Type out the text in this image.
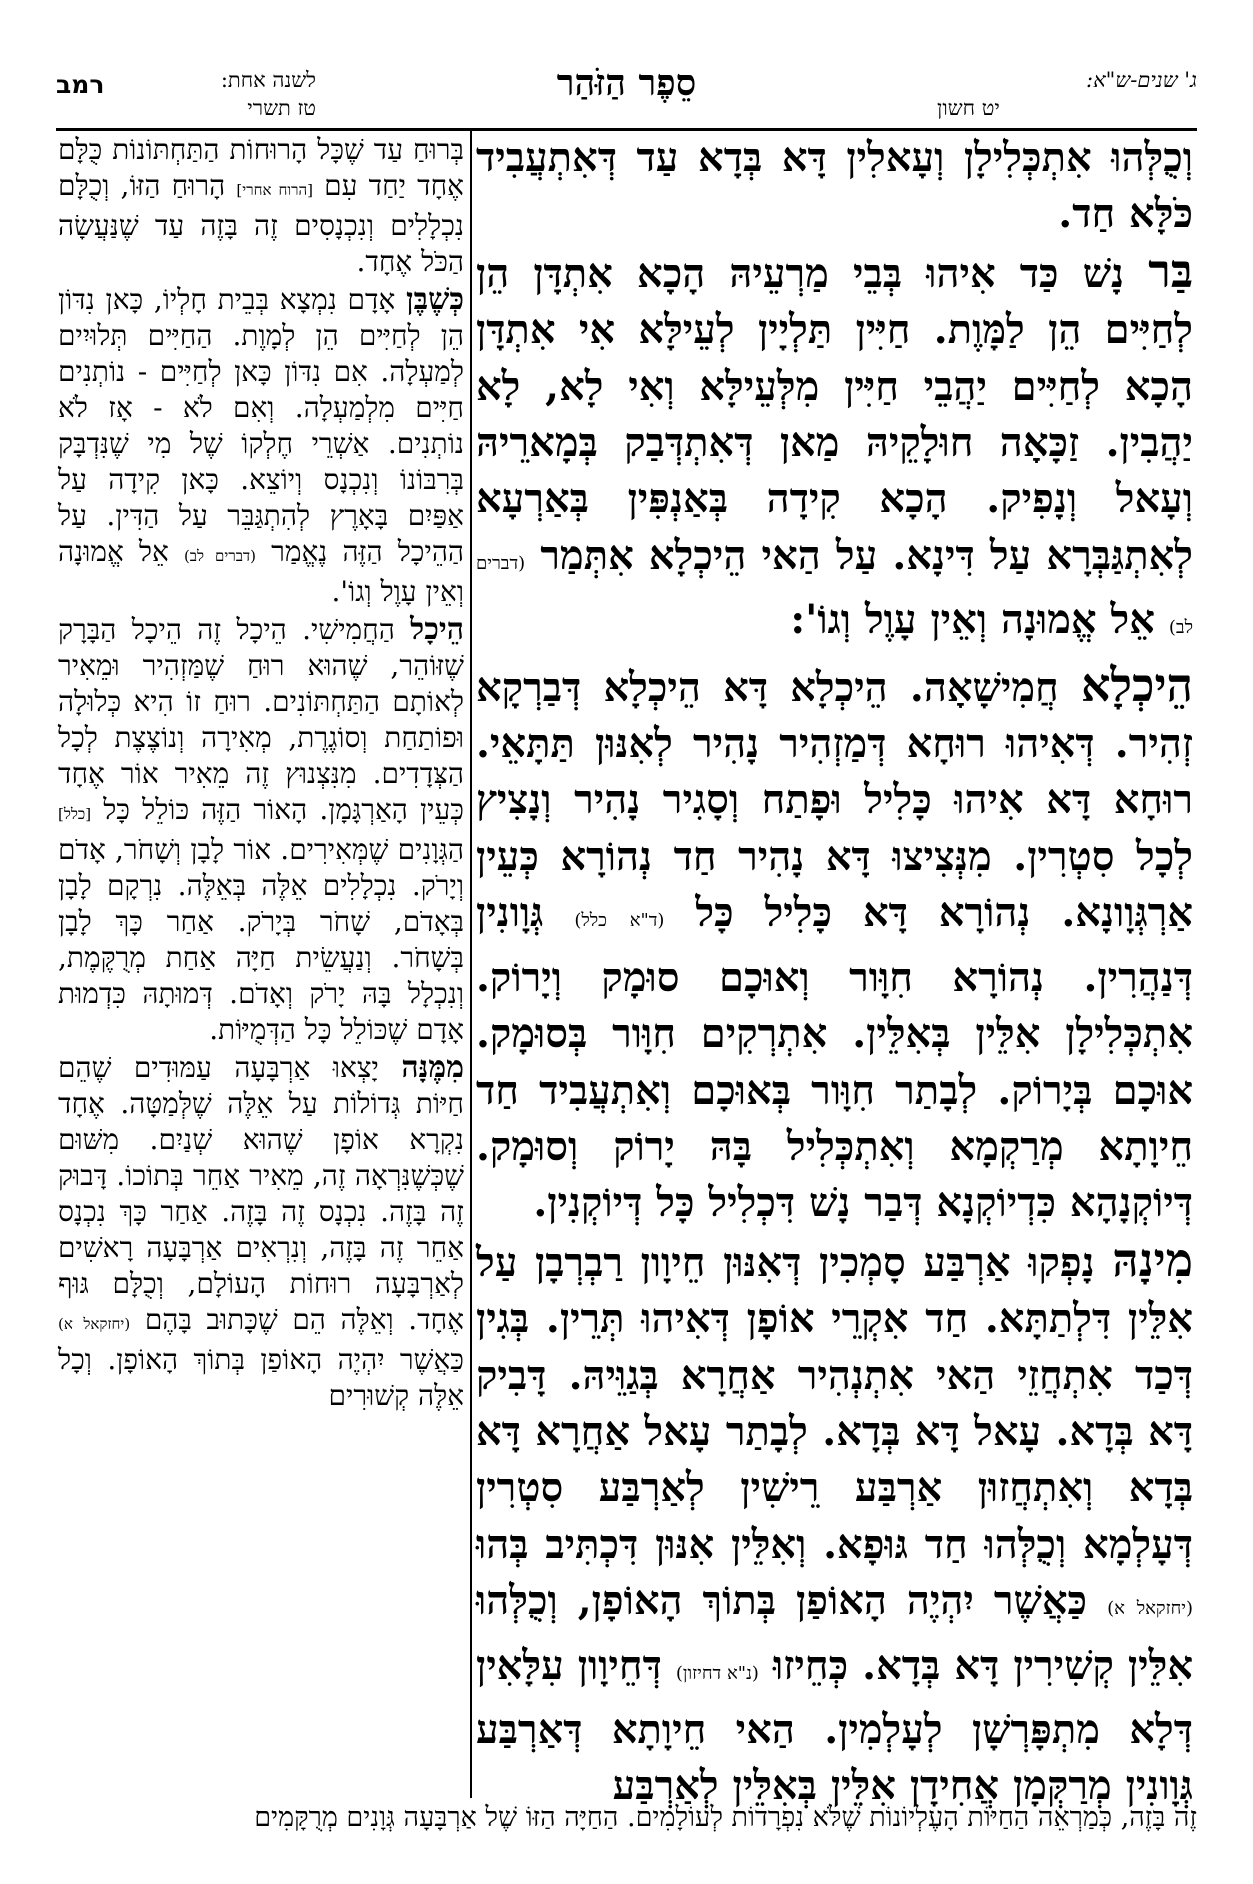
רמב	לשנה אחת:
טז תשרי
סֵפֶר הַזֹּהַר	ג' שנים-ש"א:
יט חשון

וְכֻלְּהוּ אִתְכְּלִילָן וְעָאלִין דָּא בְּדָא עַד דְּאִתְעֲבִיד כֹּלָּא חַד.

בַּר נָשׁ כַּד אִיהוּ בְּבֵי מַרְעֵיהּ הָכָא אִתְדָּן הֵן לְחַיִּים הֵן לַמָּוֶת. חַיִּין תַּלְיָין לְעֵילָּא אִי אִתְדָּן הָכָא לְחַיִּים יַהֲבֵי חַיִּין מִלְּעֵילָּא וְאִי לָא, לָא יַהֲבִין. זַכָּאָה חוּלָקֵיהּ מַאן דְּאִתְדְּבַק בְּמָארֵיהּ וְעָאל וְנָפִיק. הָכָא קִידָה בְּאַנְפִּין בְּאַרְעָא לְאִתְגַּבְּרָא עַל דִּינָא. עַל הַאי הֵיכְלָא אִתְּמַר (דברים לב) אֵל אֱמוּנָה וְאֵין עָוֶל וְגוֹ':

הֵיכְלָא חֲמִישָׁאָה. הֵיכְלָא דָּא הֵיכְלָא דְּבַרְקָא זְהִיר. דְּאִיהוּ רוּחָא דְּמַזְהִיר נָהִיר לְאִנּוּן תַּתָּאֵי. רוּחָא דָּא אִיהוּ כָּלִיל וּפָתַח וְסָגִיר נָהִיר וְנָצִיץ לְכָל סִטְרִין. מִנְּצִיצוּ דָּא נָהִיר חַד נְהוֹרָא כְּעֵין אַרְגְּוָונָא. נְהוֹרָא דָּא כָּלִיל כָּל (ד"א כלל) גְּוָונִין דְּנַהֲרִין. נְהוֹרָא חִוָּור וְאוּכָם סוּמָק וְיָרוֹק. אִתְכְּלִילָן אִלֵּין בְּאִלֵּין. אִתְרְקִים חִוָּור בְּסוּמָק. אוּכָם בְּיָרוֹק. לְבָתַר חִוָּור בְּאוּכָם וְאִתְעֲבִיד חַד חֵיוָתָא מְרַקְמָא וְאִתְכְּלִיל בָּהּ יָרוֹק וְסוּמָק. דְּיוֹקְנָהָא כִּדְיוֹקְנָא דְּבַר נָשׁ דִּכְלִיל כָּל דְּיוֹקְנִין.

מִינָהּ נָפְקוּ אַרְבַּע סָמְכִין דְּאִנּוּן חֵיוָון רַבְרְבָן עַל אִלֵּין דִּלְתַתָּא. חַד אִקְרֵי אוֹפָן דְּאִיהוּ תְּרֵין. בְּגִין דְּכַד אִתְחֲזֵי הַאי אִתְנְהִיר אַחֲרָא בְּגַוֵּיהּ. דָּבִיק דָּא בְּדָא. עָאל דָּא בְּדָא. לְבָתַר עָאל אַחֲרָא דָּא בְּדָא וְאִתְחֲזוּן אַרְבַּע רֵישִׁין לְאַרְבַּע סִטְרִין דְּעָלְמָא וְכֻלְּהוּ חַד גּוּפָא. וְאִלֵּין אִנּוּן דִּכְתִּיב בְּהוּ (יחזקאל א) כַּאֲשֶׁר יִהְיֶה הָאוֹפַן בְּתוֹךְ הָאוֹפָן, וְכֻלְּהוּ אִלֵּין קְשִׁירִין דָּא בְּדָא. כְּחֵיזוּ (נ"א דחיזון) דְּחֵיוָון עִלָּאִין דְּלָא מִתְפָּרְשָׁן לְעָלְמִין. הַאי חֵיוָתָא דְּאַרְבַּע גְּוָונִין מְרַקְּמָן אֲחִידָן אִלֵּין בְּאִלֵּין לְאַרְבַּע

בְּרוּחַ עַד שֶׁכָּל הָרוּחוֹת הַתַּחְתּוֹנוֹת כֻּלָּם אֶחָד יַחַד עִם [הרוח אחרי] הָרוּחַ הַזּוֹ, וְכֻלָּם נִכְלָלִים וְנִכְנָסִים זֶה בָּזֶה עַד שֶׁנַּעֲשָׂה הַכֹּל אֶחָד.

כְּשֶׁבֶּן אָדָם נִמְצָא בְּבֵית חָלְיוֹ, כָּאן נִדּוֹן הֵן לְחַיִּים הֵן לְמָוֶת. הַחַיִּים תְּלוּיִים לְמַעְלָה. אִם נִדּוֹן כָּאן לְחַיִּים - נוֹתְנִים חַיִּים מִלְמַעְלָה. וְאִם לֹא - אָז לֹא נוֹתְנִים. אַשְׁרֵי חֶלְקוֹ שֶׁל מִי שֶׁנִּדְבָּק בְּרִבּוֹנוֹ וְנִכְנָס וְיוֹצֵא. כָּאן קִידָה עַל אַפַּיִם בָּאָרֶץ לְהִתְגַּבֵּר עַל הַדִּין. עַל הַהֵיכָל הַזֶּה נֶאֱמַר (דברים לב) אֵל אֱמוּנָה וְאֵין עָוֶל וְגוֹ'.

הֵיכָל הַחֲמִישִׁי. הֵיכָל זֶה הֵיכָל הַבָּרָק שֶׁזּוֹהֵר, שֶׁהוּא רוּחַ שֶׁמַּזְהִיר וּמֵאִיר לְאוֹתָם הַתַּחְתּוֹנִים. רוּחַ זוֹ הִיא כְּלוּלָה וּפוֹתַחַת וְסוֹגֶרֶת, מְאִירָה וְנוֹצֶצֶת לְכָל הַצְּדָדִים. מִנִּצְנוּץ זֶה מֵאִיר אוֹר אֶחָד כְּעֵין הָאַרְגָּמָן. הָאוֹר הַזֶּה כּוֹלֵל כָּל [כלל] הַגְּוָנִים שֶׁמְּאִירִים. אוֹר לָבָן וְשָׁחֹר, אָדֹם וְיָרֹק. נִכְלָלִים אֵלֶּה בְּאֵלֶּה. נִרְקָם לָבָן בְּאָדֹם, שָׁחֹר בְּיָרֹק. אַחַר כָּךְ לָבָן בְּשָׁחֹר. וְנַעֲשֵׂית חַיָּה אַחַת מְרֻקֶּמֶת, וְנִכְלָל בָּהּ יָרֹק וְאָדֹם. דְּמוּתָהּ כִּדְמוּת אָדָם שֶׁכּוֹלֵל כָּל הַדְּמֻיּוֹת.

מִמֶּנָּה יָצְאוּ אַרְבָּעָה עַמּוּדִים שֶׁהֵם חַיּוֹת גְּדוֹלוֹת עַל אֵלֶּה שֶׁלְּמַטָּה. אֶחָד נִקְרָא אוֹפָן שֶׁהוּא שְׁנַיִם. מִשּׁוּם שֶׁכְּשֶׁנִּרְאָה זֶה, מֵאִיר אַחֵר בְּתוֹכוֹ. דָּבוּק זֶה בָּזֶה. נִכְנָס זֶה בָּזֶה. אַחַר כָּךְ נִכְנָס אַחֵר זֶה בָּזֶה, וְנִרְאִים אַרְבָּעָה רָאשִׁים לְאַרְבָּעָה רוּחוֹת הָעוֹלָם, וְכֻלָּם גּוּף אֶחָד. וְאֵלֶּה הֵם שֶׁכָּתוּב בָּהֶם (יחזקאל א) כַּאֲשֶׁר יִהְיֶה הָאוֹפַן בְּתוֹךְ הָאוֹפָן. וְכָל אֵלֶּה קְשׁוּרִים

זֶה בָּזֶה, כְּמַרְאֵה הַחַיּוֹת הָעֶלְיוֹנוֹת שֶׁלֹּא נִפְרָדוֹת לְעוֹלָמִים. הַחַיָּה הַזּוֹ שֶׁל אַרְבָּעָה גְּוָנִים מְרֻקָּמִים
